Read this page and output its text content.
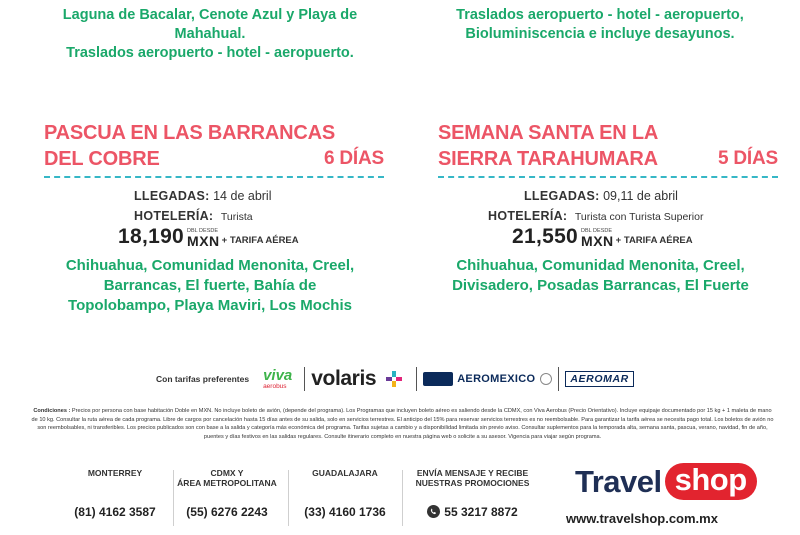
Laguna de Bacalar, Cenote Azul y Playa de
Mahahual.
Traslados aeropuerto - hotel - aeropuerto.
Traslados aeropuerto - hotel - aeropuerto,
Bioluminiscencia e incluye desayunos.
PASCUA EN LAS BARRANCAS
DEL COBRE	6 DÍAS
LLEGADAS: 14 de abril
HOTELERÍA: Turista
18,190 DBL DESDE
MXN + TARIFA AÉREA
Chihuahua, Comunidad Menonita, Creel,
Barrancas, El fuerte, Bahía de
Topolobampo, Playa Maviri, Los Mochis
SEMANA SANTA EN LA
SIERRA TARAHUMARA	5 DÍAS
LLEGADAS: 09,11 de abril
HOTELERÍA: Turista con Turista Superior
21,550 DBL DESDE
MXN + TARIFA AÉREA
Chihuahua, Comunidad Menonita, Creel,
Divisadero, Posadas Barrancas, El Fuerte
Con tarifas preferentes viva
aerobus volaris	AEROMEXICO	AEROMAR
Condiciones : Precios por persona con base habitación Doble en MXN. No incluye boleto de avión, (depende del programa). Los Programas que incluyen boleto aéreo es saliendo desde la CDMX, con Viva Aerobus (Precio Orientativo). Incluye equipaje documentado por 15 kg + 1 maleta de mano de 10 kg. Consultar la ruta aérea de cada programa. Libre de cargos por cancelación hasta 15 días antes de su salida, solo en servicios terrestres. El anticipo del 15% para reservar servicios terrestres es no reembolsable. Para garantizar la tarifa aérea se necesita pago total. Los boletos de avión no son reembolsables, ni transferibles. Los precios publicados son con base a la salida y categoría más económica del programa. Tarifas sujetas a cambio y a disponibilidad limitada sin previo aviso. Consultar suplementos para la temporada alta, semana santa, pascua, verano, navidad, fin de año, puentes y días festivos en las salidas regulares. Consulte itinerario completo en nuestra página web o solicite a su asesor. Vigencia para viajar según programa.
MONTERREY
(81) 4162 3587
CDMX Y
ÁREA METROPOLITANA
(55) 6276 2243
GUADALAJARA
(33) 4160 1736
ENVÍA MENSAJE Y RECIBE
NUESTRAS PROMOCIONES
55 3217 8872
Travel shop
www.travelshop.com.mx
